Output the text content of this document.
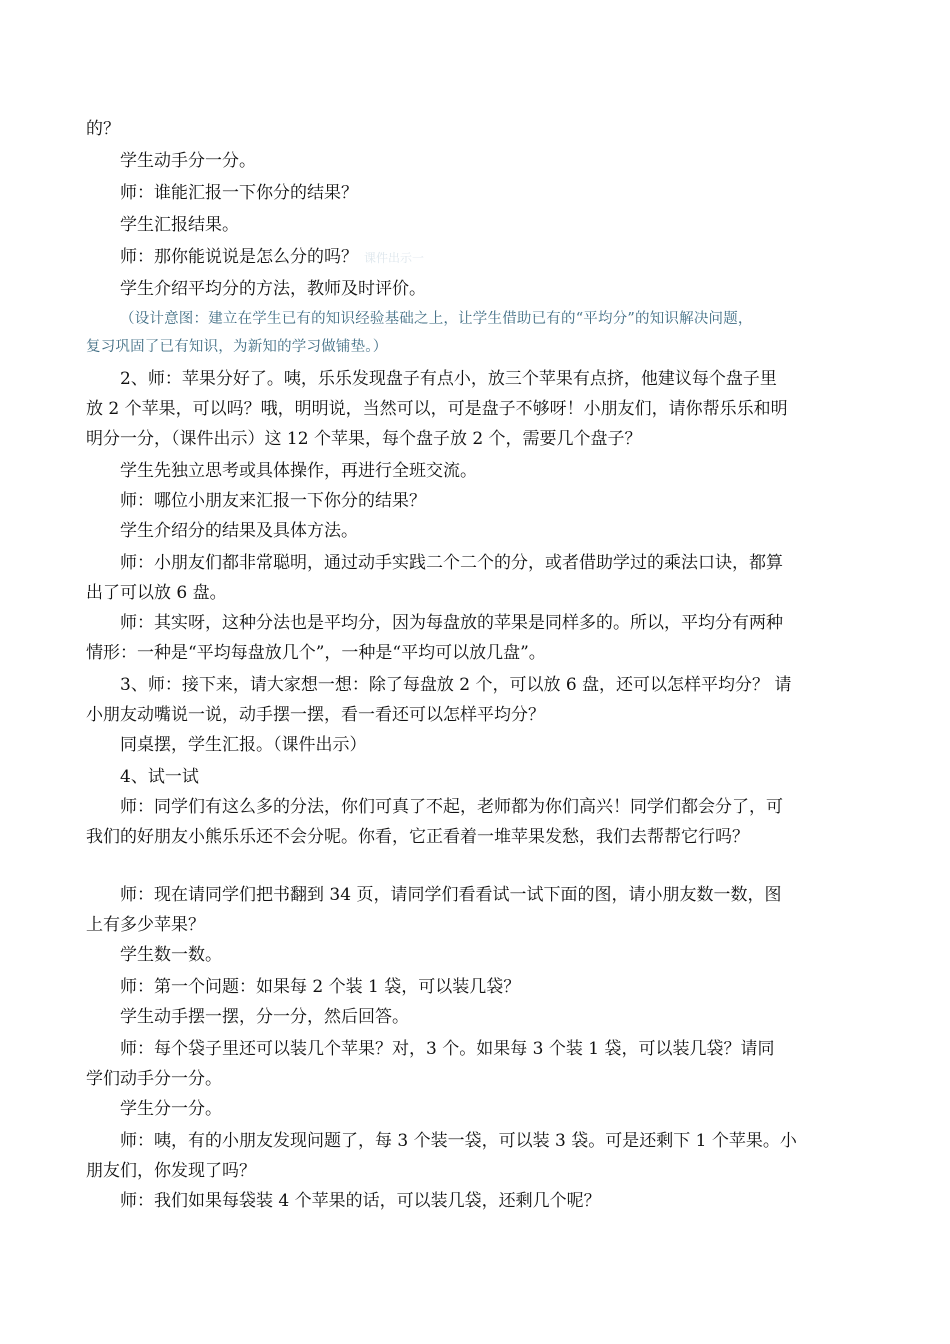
的？
学生动手分一分。
师：谁能汇报一下你分的结果？
学生汇报结果。
师：那你能说说是怎么分的吗？ 课件出示一
学生介绍平均分的方法，教师及时评价。
（设计意图：建立在学生已有的知识经验基础之上，让学生借助已有的“平均分”的知识解决问题，
复习巩固了已有知识，为新知的学习做铺垫。）
2、师：苹果分好了。咦，乐乐发现盘子有点小，放三个苹果有点挤，他建议每个盘子里
放 2 个苹果，可以吗？哦，明明说，当然可以，可是盘子不够呀！小朋友们，请你帮乐乐和明
明分一分，（课件出示）这 12 个苹果，每个盘子放 2 个，需要几个盘子？
学生先独立思考或具体操作，再进行全班交流。
师：哪位小朋友来汇报一下你分的结果？
学生介绍分的结果及具体方法。
师：小朋友们都非常聪明，通过动手实践二个二个的分，或者借助学过的乘法口诀，都算
出了可以放 6 盘。
师：其实呀，这种分法也是平均分，因为每盘放的苹果是同样多的。所以，平均分有两种
情形：一种是“平均每盘放几个”，一种是“平均可以放几盘”。
3、师：接下来，请大家想一想：除了每盘放 2 个，可以放 6 盘，还可以怎样平均分？ 请
小朋友动嘴说一说，动手摆一摆，看一看还可以怎样平均分？
同桌摆，学生汇报。（课件出示）
4、试一试
师：同学们有这么多的分法，你们可真了不起，老师都为你们高兴！同学们都会分了，可
我们的好朋友小熊乐乐还不会分呢。你看，它正看着一堆苹果发愁，我们去帮帮它行吗？
师：现在请同学们把书翻到 34 页，请同学们看看试一试下面的图，请小朋友数一数，图
上有多少苹果？
学生数一数。
师：第一个问题：如果每 2 个装 1 袋，可以装几袋？
学生动手摆一摆，分一分，然后回答。
师：每个袋子里还可以装几个苹果？对，3 个。如果每 3 个装 1 袋，可以装几袋？请同
学们动手分一分。
学生分一分。
师：咦，有的小朋友发现问题了，每 3 个装一袋，可以装 3 袋。可是还剩下 1 个苹果。小
朋友们，你发现了吗？
师：我们如果每袋装 4 个苹果的话，可以装几袋，还剩几个呢？
